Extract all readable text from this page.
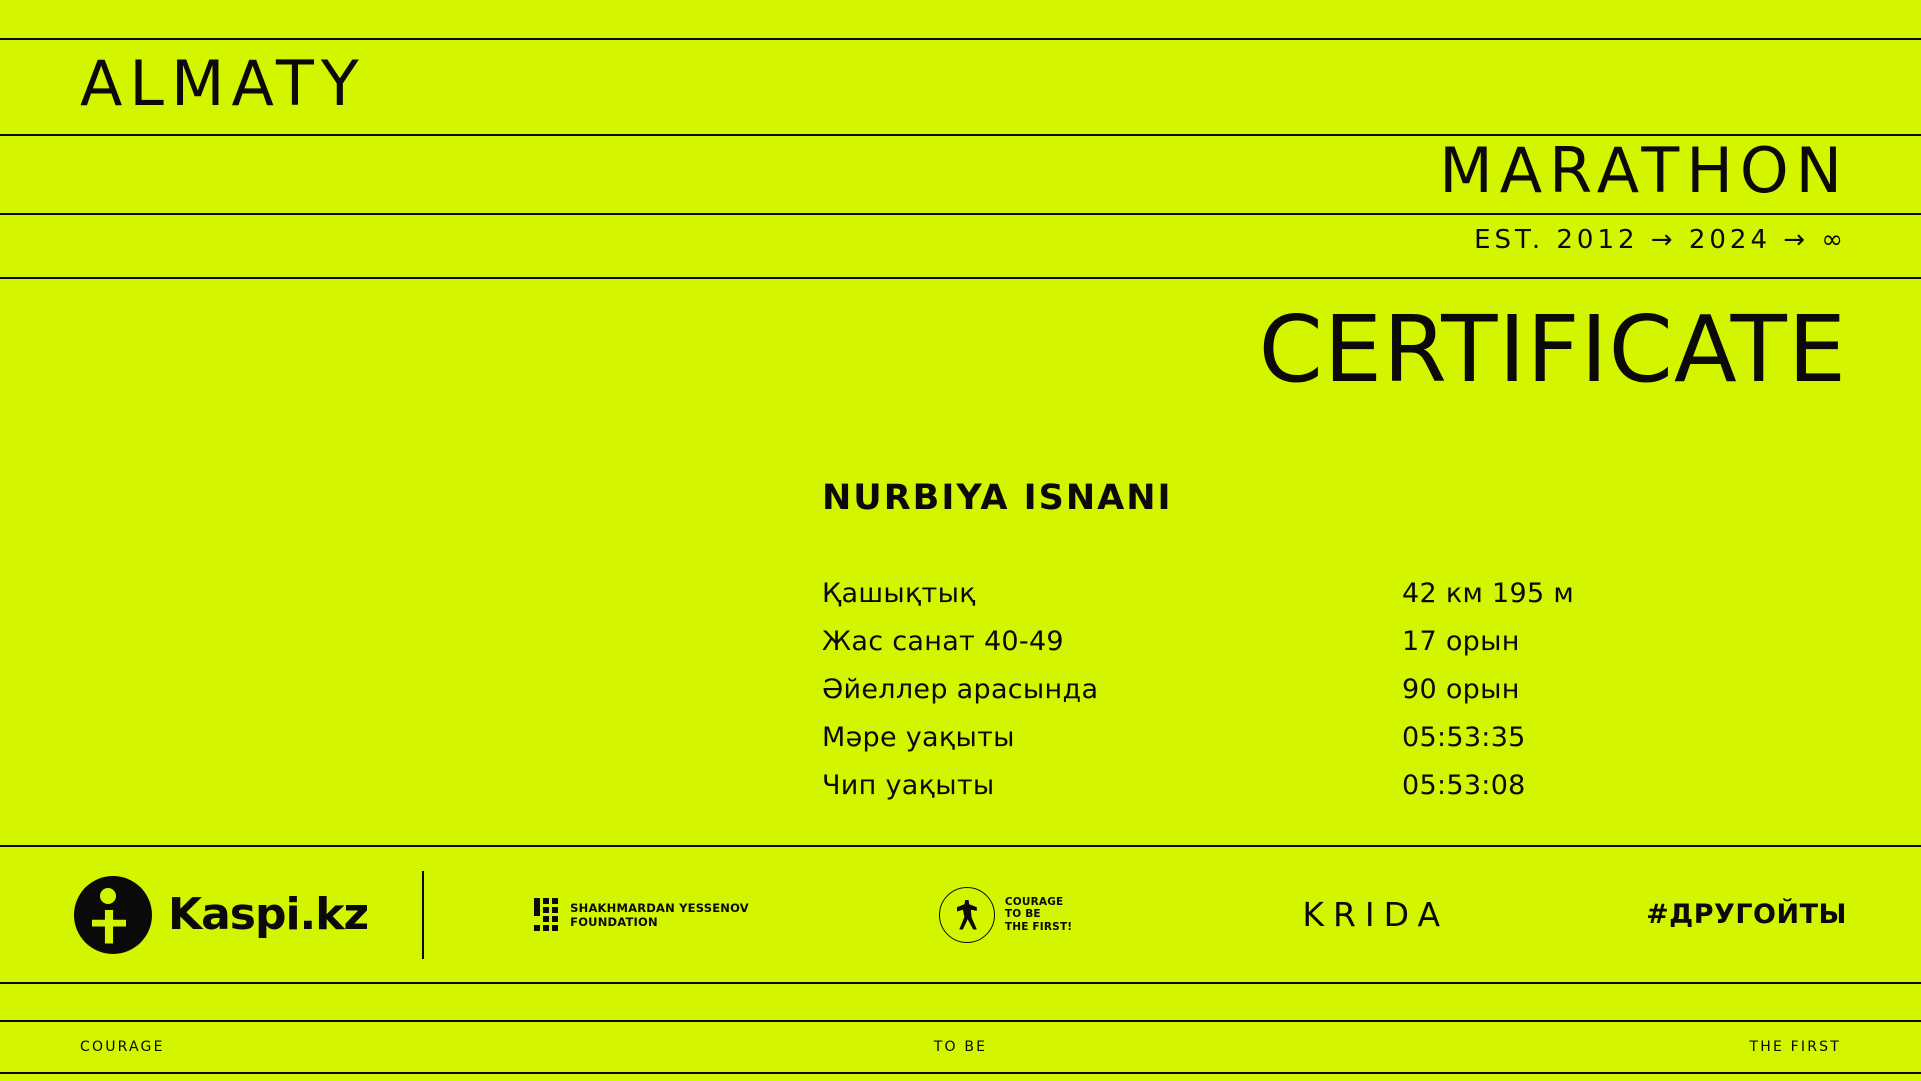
ALMATY
MARATHON
EST. 2012 → 2024 → ∞
CERTIFICATE
NURBIYA ISNANI
Қашықтық	42 км 195 м
Жас санат 40-49	17 орын
Әйеллер арасында	90 орын
Мәре уақыты	05:53:35
Чип уақыты	05:53:08
Kaspi.kz	SHAKHMARDAN YESSENOV
FOUNDATION
COURAGE
TO BE
THE FIRST!	KRIDA	#ДРУГОЙТЫ
COURAGE	TO BE	THE FIRST
